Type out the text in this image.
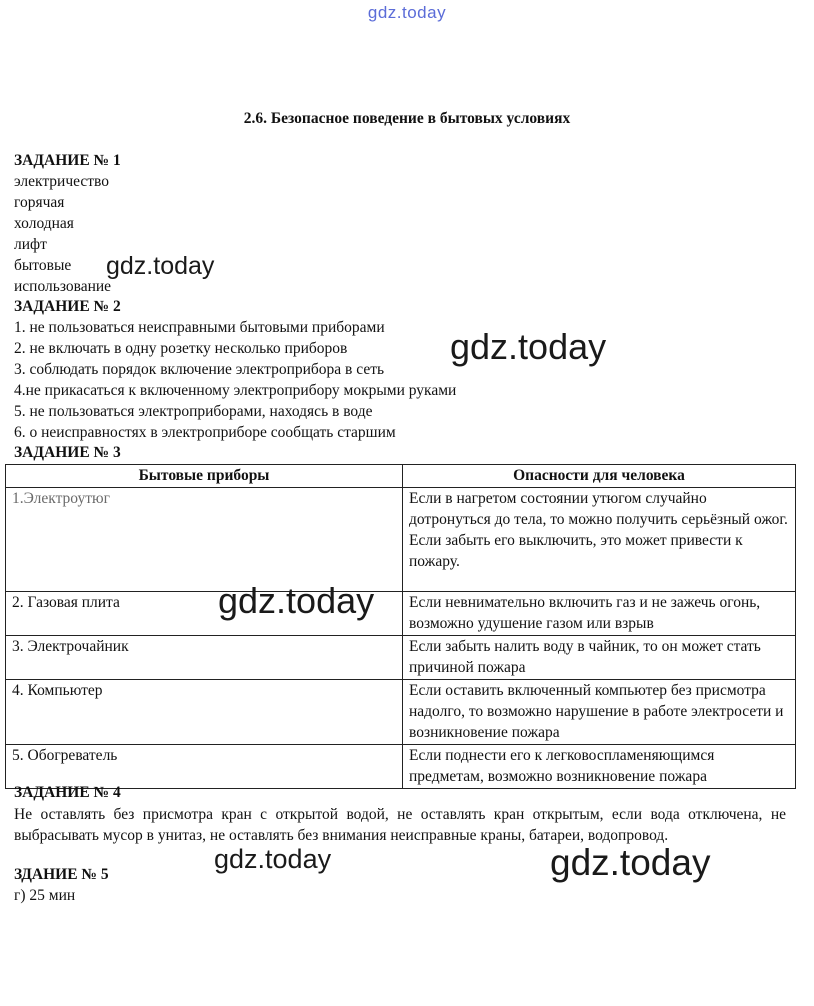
gdz.today
2.6. Безопасное поведение в бытовых условиях
ЗАДАНИЕ № 1
электричество
горячая
холодная
лифт
бытовые
использование
ЗАДАНИЕ № 2
1. не пользоваться неисправными бытовыми приборами
2. не включать в одну розетку несколько приборов
3. соблюдать порядок включение электроприбора в сеть
4.не прикасаться к включенному электроприбору мокрыми руками
5. не пользоваться электроприборами, находясь в воде
6. о неисправностях в электроприборе сообщать старшим
ЗАДАНИЕ № 3
Бытовые приборы	Опасности для человека
1.Электроутюг	Если в нагретом состоянии утюгом случайно дотронуться до тела, то можно получить серьёзный ожог. Если забыть его выключить, это может привести к пожару.
2. Газовая плита	Если невнимательно включить газ и не зажечь огонь, возможно удушение газом или взрыв
3. Электрочайник	Если забыть налить воду в чайник, то он может стать причиной пожара
4. Компьютер	Если оставить включенный компьютер без присмотра надолго, то возможно нарушение в работе электросети и возникновение пожара
5. Обогреватель	Если поднести его к легковоспламеняющимся предметам, возможно возникновение пожара
ЗАДАНИЕ № 4
Не оставлять без присмотра кран с открытой водой, не оставлять кран открытым, если вода отключена, не выбрасывать мусор в унитаз, не оставлять без внимания неисправные краны, батареи, водопровод.
ЗДАНИЕ № 5
г) 25 мин
gdz.today
gdz.today
gdz.today
gdz.today	gdz.today
